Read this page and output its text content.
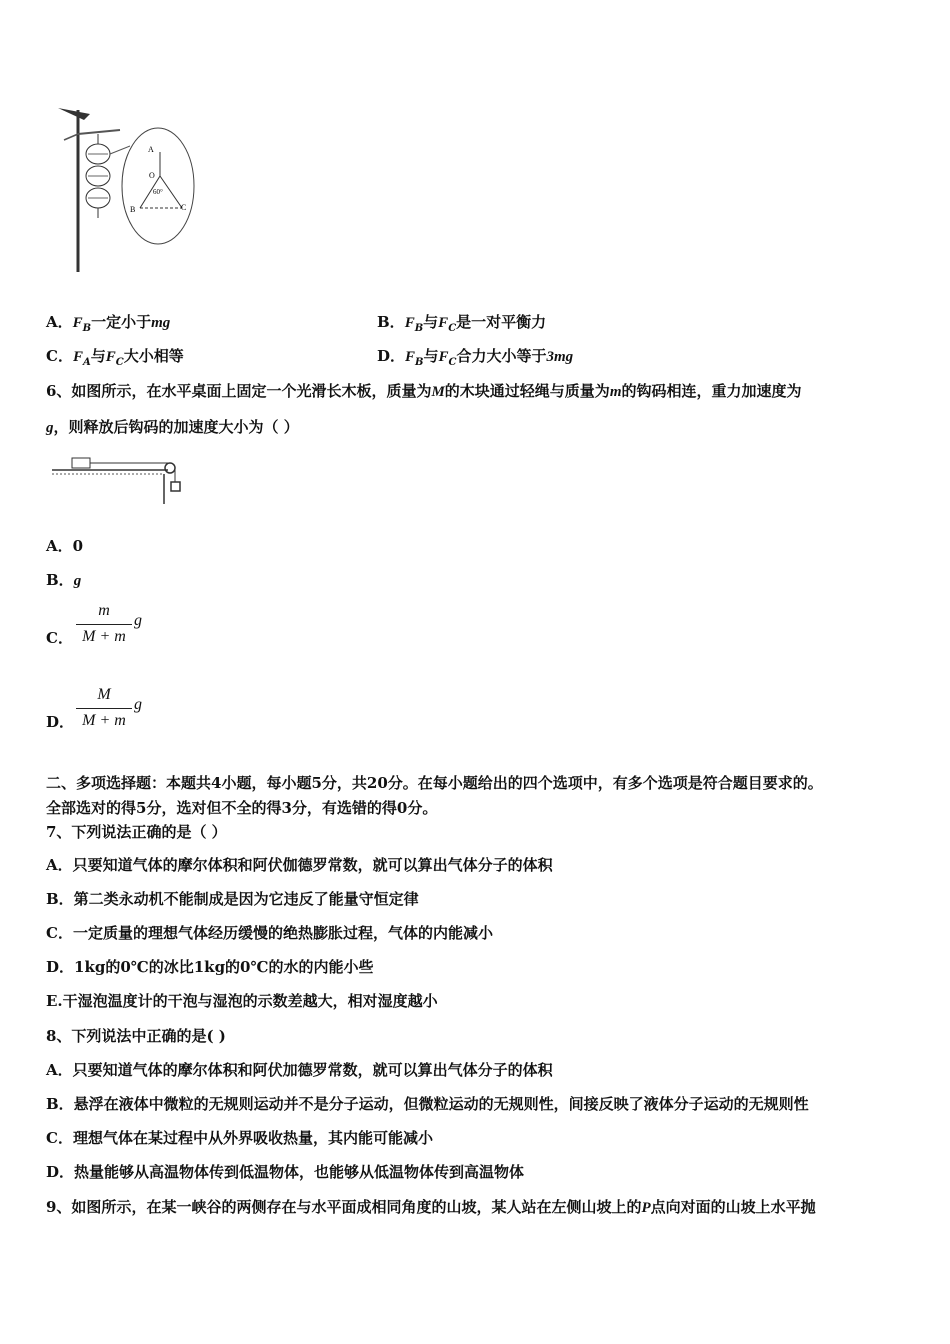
A
O
60°
B	C
A．$F_B$一定小于mg	B．$F_B$与$F_C$是一对平衡力
C．$F_A$与$F_C$大小相等	D．$F_B$与$F_C$合力大小等于3mg
6、如图所示，在水平桌面上固定一个光滑长木板，质量为M的木块通过轻绳与质量为m的钩码相连，重力加速度为
g，则释放后钩码的加速度大小为（ ）
A．0
B．g
C．
m
M + m
g
D．
M
M + m
g
二、多项选择题：本题共4小题，每小题5分，共20分。在每小题给出的四个选项中，有多个选项是符合题目要求的。
全部选对的得5分，选对但不全的得3分，有选错的得0分。
7、下列说法正确的是（ ）
A．只要知道气体的摩尔体积和阿伏伽德罗常数，就可以算出气体分子的体积
B．第二类永动机不能制成是因为它违反了能量守恒定律
C．一定质量的理想气体经历缓慢的绝热膨胀过程，气体的内能减小
D．1kg的0℃的冰比1kg的0℃的水的内能小些
E.干湿泡温度计的干泡与湿泡的示数差越大，相对湿度越小
8、下列说法中正确的是( )
A．只要知道气体的摩尔体积和阿伏加德罗常数，就可以算出气体分子的体积
B．悬浮在液体中微粒的无规则运动并不是分子运动，但微粒运动的无规则性，间接反映了液体分子运动的无规则性
C．理想气体在某过程中从外界吸收热量，其内能可能减小
D．热量能够从高温物体传到低温物体，也能够从低温物体传到高温物体
9、如图所示，在某一峡谷的两侧存在与水平面成相同角度的山坡，某人站在左侧山坡上的P点向对面的山坡上水平抛
